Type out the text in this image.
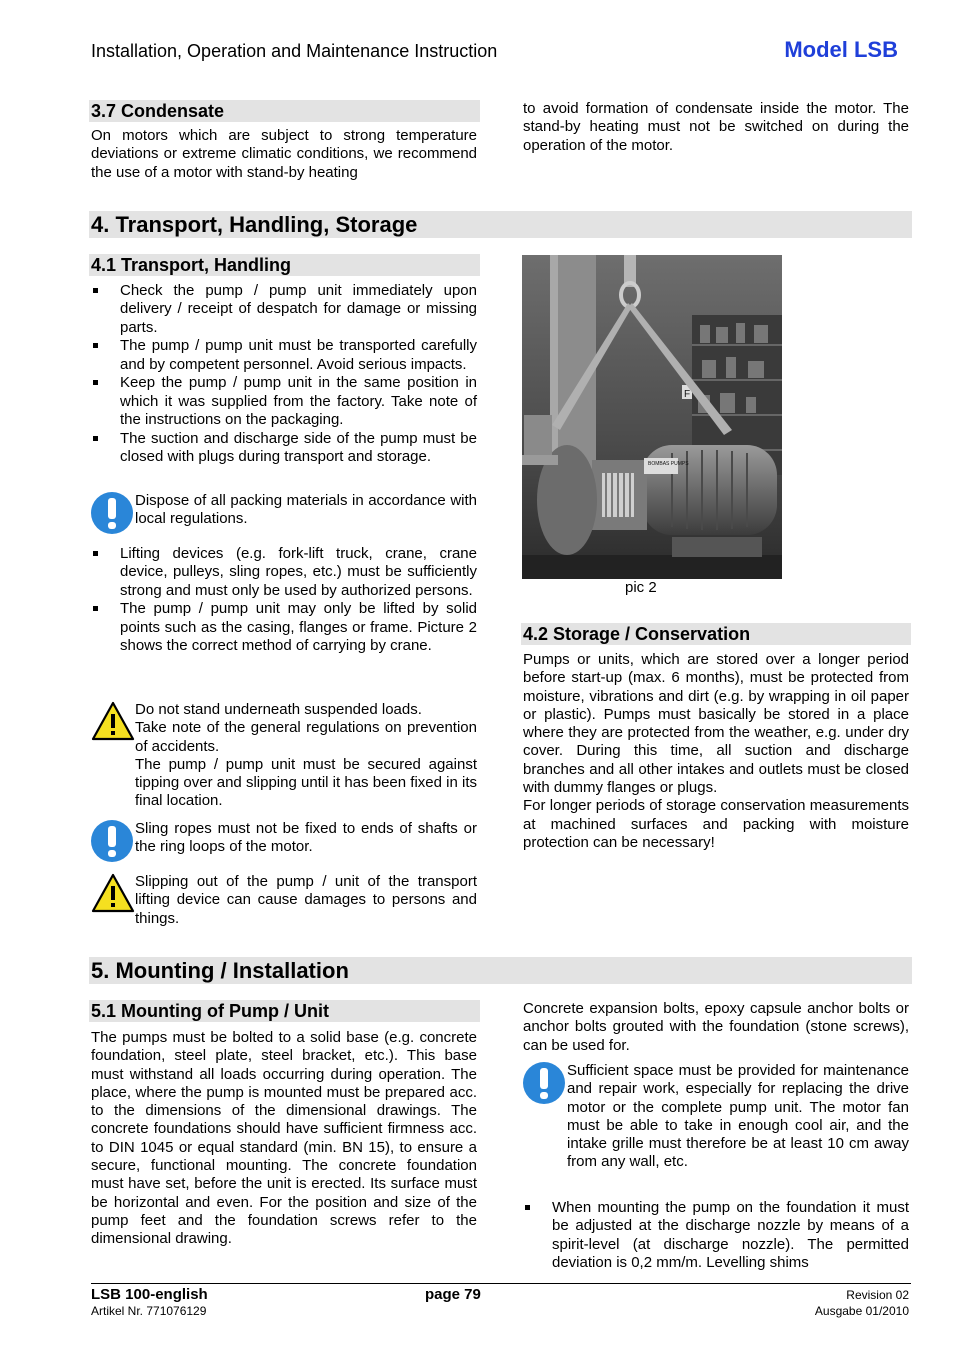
Installation, Operation and Maintenance Instruction	Model LSB
3.7 Condensate
On motors which are subject to strong temperature deviations or extreme climatic conditions, we recommend the use of a motor with stand-by heating
to avoid formation of condensate inside the motor. The stand-by heating must not be switched on during the operation of the motor.
4. Transport, Handling, Storage
4.1 Transport, Handling
Check the pump / pump unit immediately upon delivery / receipt of despatch for damage or missing parts.
The pump / pump unit must be transported carefully and by competent personnel. Avoid serious impacts.
Keep the pump / pump unit in the same position in which it was supplied from the factory. Take note of the instructions on the packaging.
The suction and discharge side of the pump must be closed with plugs during transport and storage.
Dispose of all packing materials in accordance with local regulations.
Lifting devices (e.g. fork-lift truck, crane, crane device, pulleys, sling ropes, etc.) must be sufficiently strong and must only be used by authorized persons.
The pump / pump unit may only be lifted by solid points such as the casing, flanges or frame. Picture 2 shows the correct method of carrying by crane.

Do not stand underneath suspended loads.

Take note of the general regulations on prevention of accidents.

The pump / pump unit must be secured against tipping over and slipping until it has been fixed in its final location.

Sling ropes must not be fixed to ends of shafts or the ring loops of the motor.
Slipping out of the pump / unit of the transport lifting device can cause damages to persons and things.
F
BOMBAS PUMPS
pic 2
4.2 Storage / Conservation

Pumps or units, which are stored over a longer period before start-up (max. 6 months), must be protected from moisture, vibrations and dirt (e.g. by wrapping in oil paper or plastic). Pumps must basically be stored in a place where they are protected from the weather, e.g. under dry cover. During this time, all suction and discharge branches and all other intakes and outlets must be closed with dummy flanges or plugs.

For longer periods of storage conservation measurements at machined surfaces and packing with moisture protection can be necessary!

5. Mounting / Installation
5.1 Mounting of Pump / Unit
The pumps must be bolted to a solid base (e.g. concrete foundation, steel plate, steel bracket, etc.). This base must withstand all loads occurring during operation. The place, where the pump is mounted must be prepared acc. to the dimensions of the dimensional drawings. The concrete foundations should have sufficient firmness acc. to DIN 1045 or equal standard (min. BN 15), to ensure a secure, functional mounting. The concrete foundation must have set, before the unit is erected. Its surface must be horizontal and even. For the position and size of the pump feet and the foundation screws refer to the dimensional drawing.
Concrete expansion bolts, epoxy capsule anchor bolts or anchor bolts grouted with the foundation (stone screws), can be used for.
Sufficient space must be provided for maintenance and repair work, especially for replacing the drive motor or the complete pump unit. The motor fan must be able to take in enough cool air, and the intake grille must therefore be at least 10 cm away from any wall, etc.
When mounting the pump on the foundation it must be adjusted at the discharge nozzle by means of a spirit-level (at discharge nozzle). The permitted deviation is 0,2 mm/m. Levelling shims
LSB 100-english	page 79	Revision 02
Artikel Nr. 771076129	Ausgabe 01/2010
